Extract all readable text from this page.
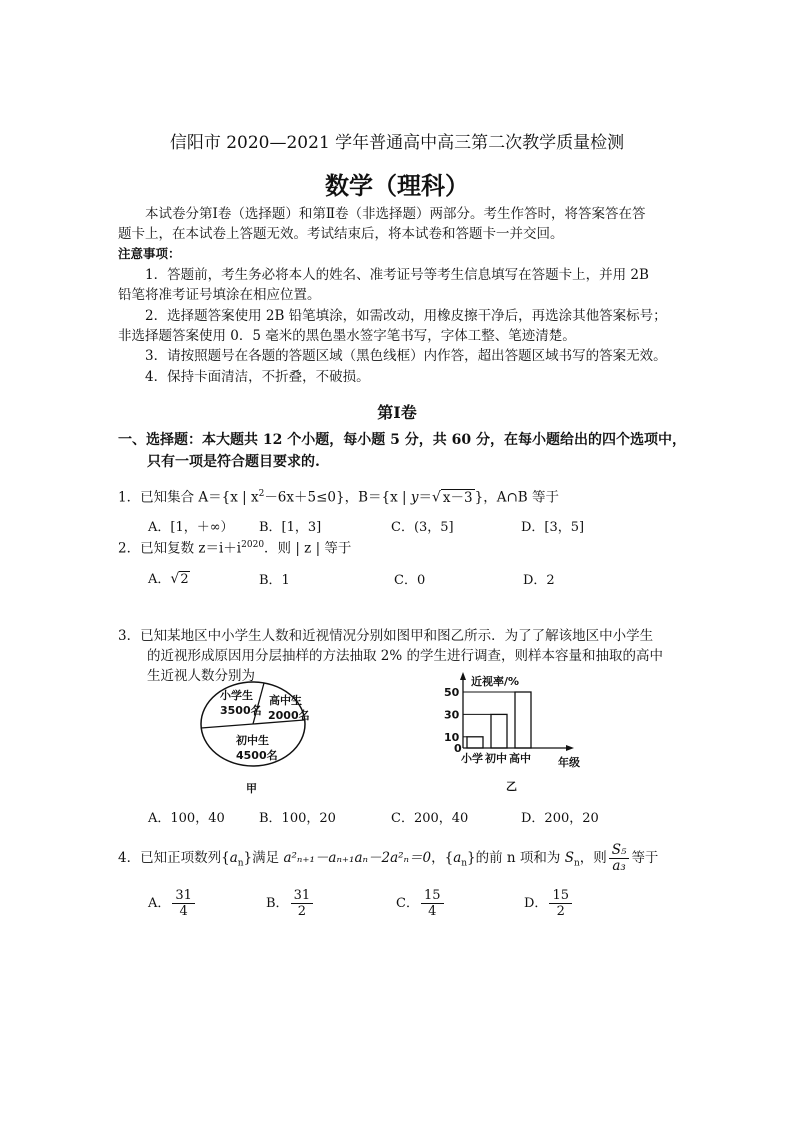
信阳市 2020—2021 学年普通高中高三第二次教学质量检测
数学（理科）
本试卷分第Ⅰ卷（选择题）和第Ⅱ卷（非选择题）两部分。考生作答时，将答案答在答
题卡上，在本试卷上答题无效。考试结束后，将本试卷和答题卡一并交回。
注意事项：
1．答题前，考生务必将本人的姓名、准考证号等考生信息填写在答题卡上，并用 2B
铅笔将准考证号填涂在相应位置。
2．选择题答案使用 2B 铅笔填涂，如需改动，用橡皮擦干净后，再选涂其他答案标号；
非选择题答案使用 0．5 毫米的黑色墨水签字笔书写，字体工整、笔迹清楚。
3．请按照题号在各题的答题区域（黑色线框）内作答，超出答题区域书写的答案无效。
4．保持卡面清洁，不折叠，不破损。
第Ⅰ卷
一、选择题：本大题共 12 个小题，每小题 5 分，共 60 分，在每小题给出的四个选项中，
只有一项是符合题目要求的.
1．已知集合 A＝{x | $x^2-6x+5\le 0$}，B＝{x | y＝√ x－3 }，A∩B 等于
A．[1，＋∞） B．[1，3]	C．(3，5]	D．[3，5]
2．已知复数 $z=i+i^{2020}$．则 | z | 等于
A．√2	B．1	C．0	D．2
3．已知某地区中小学生人数和近视情况分别如图甲和图乙所示．为了了解该地区中小学生
的近视形成原因用分层抽样的方法抽取 2% 的学生进行调查，则样本容量和抽取的高中
生近视人数分别为
小学生
3500名
高中生
2000名
初中生
4500名
甲
近视率/%
年级
乙
0
10
30
50
小学 初中 高中
A．100，40	B．100，20	C．200，40	D．200，20
4．已知正项数列$\{a_n\}$满足 a²ₙ₊₁－aₙ₊₁aₙ－2a²ₙ＝0，$\{a_n\}$的前 n 项和为 $S_n$，则 $\frac{\text{S₅}}{\text{a₃}}$ 等于
A． $\frac{31}{4}$	B． $\frac{31}{2}$	C． $\frac{15}{4}$	D． $\frac{15}{2}$
